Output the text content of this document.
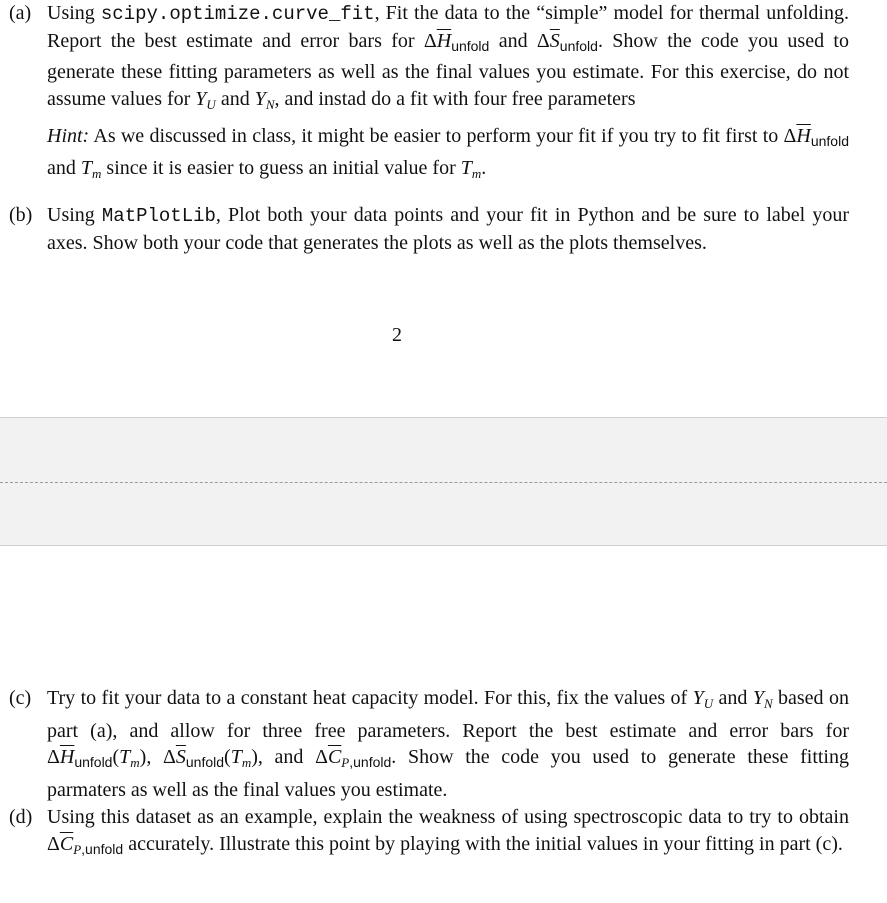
(a) Using scipy.optimize.curve_fit, Fit the data to the “simple” model for thermal unfolding. Report the best estimate and error bars for $\Delta\overline{H}_{unfold}$ and $\Delta\overline{S}_{unfold}$. Show the code you used to generate these fitting parameters as well as the final values you estimate. For this exercise, do not assume values for $Y_U$ and $Y_N$, and instad do a fit with four free parameters
Hint: As we discussed in class, it might be easier to perform your fit if you try to fit first to $\Delta\overline{H}_{unfold}$ and $T_m$ since it is easier to guess an initial value for $T_m$.
(b) Using MatPlotLib, Plot both your data points and your fit in Python and be sure to label your axes. Show both your code that generates the plots as well as the plots themselves.
2
(c) Try to fit your data to a constant heat capacity model. For this, fix the values of $Y_U$ and $Y_N$ based on part (a), and allow for three free parameters. Report the best estimate and error bars for $\Delta\overline{H}_{unfold}(T_m)$, $\Delta\overline{S}_{unfold}(T_m)$, and $\Delta\overline{C}_{P,unfold}$. Show the code you used to generate these fitting parmaters as well as the final values you estimate.
(d) Using this dataset as an example, explain the weakness of using spectroscopic data to try to obtain $\Delta\overline{C}_{P,unfold}$ accurately. Illustrate this point by playing with the initial values in your fitting in part (c).
